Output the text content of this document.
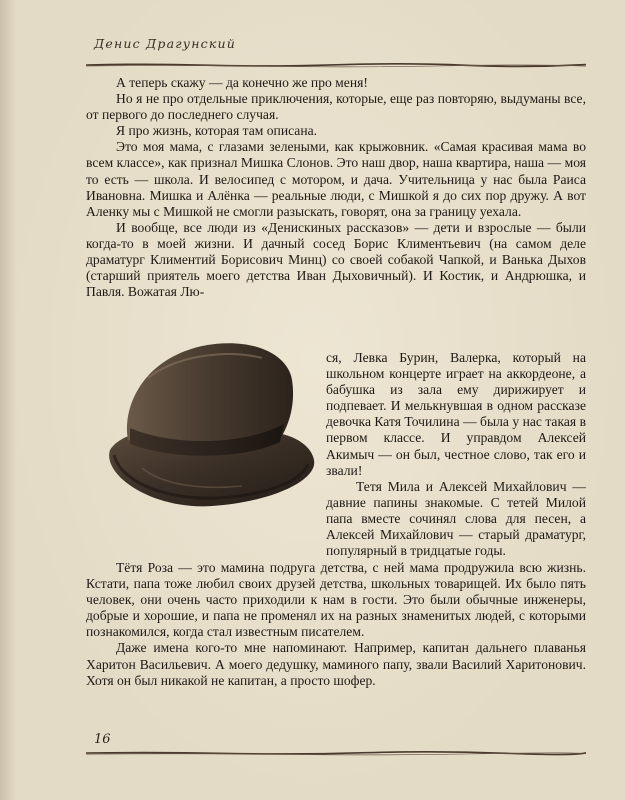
Денис Драгунский

А теперь скажу — да конечно же про меня!

Но я не про отдельные приключения, которые, еще раз повторяю, выдуманы все, от первого до последнего случая.

Я про жизнь, которая там описана.

Это моя мама, с глазами зелеными, как крыжовник. «Самая красивая мама во всем классе», как признал Мишка Слонов. Это наш двор, наша квартира, наша — моя то есть — школа. И велосипед с мотором, и дача. Учительница у нас была Раиса Ивановна. Мишка и Алёнка — реальные люди, с Мишкой я до сих пор дружу. А вот Аленку мы с Мишкой не смогли разыскать, говорят, она за границу уехала.

И вообще, все люди из «Денискиных рассказов» — дети и взрослые — были когда-то в моей жизни. И дачный сосед Борис Климентьевич (на самом деле драматург Климентий Борисович Минц) со своей собакой Чапкой, и Ванька Дыхов (старший приятель моего детства Иван Дыховичный). И Костик, и Андрюшка, и Павля. Вожатая Лю-

ся, Левка Бурин, Валерка, который на школьном концерте играет на аккордеоне, а бабушка из зала ему дирижирует и подпевает. И мелькнувшая в одном рассказе девочка Катя Точилина — была у нас такая в первом классе. И управдом Алексей Акимыч — он был, честное слово, так его и звали!

Тетя Мила и Алексей Михайлович — давние папины знакомые. С тетей Милой папа вместе сочинял слова для песен, а Алексей Михайлович — старый драматург, популярный в тридцатые годы.

Тётя Роза — это мамина подруга детства, с ней мама продружила всю жизнь. Кстати, папа тоже любил своих друзей детства, школьных товарищей. Их было пять человек, они очень часто приходили к нам в гости. Это были обычные инженеры, добрые и хорошие, и папа не променял их на разных знаменитых людей, с которыми познакомился, когда стал известным писателем.

Даже имена кого-то мне напоминают. Например, капитан дальнего плаванья Харитон Васильевич. А моего дедушку, маминого папу, звали Василий Харитонович. Хотя он был никакой не капитан, а просто шофер.

16
